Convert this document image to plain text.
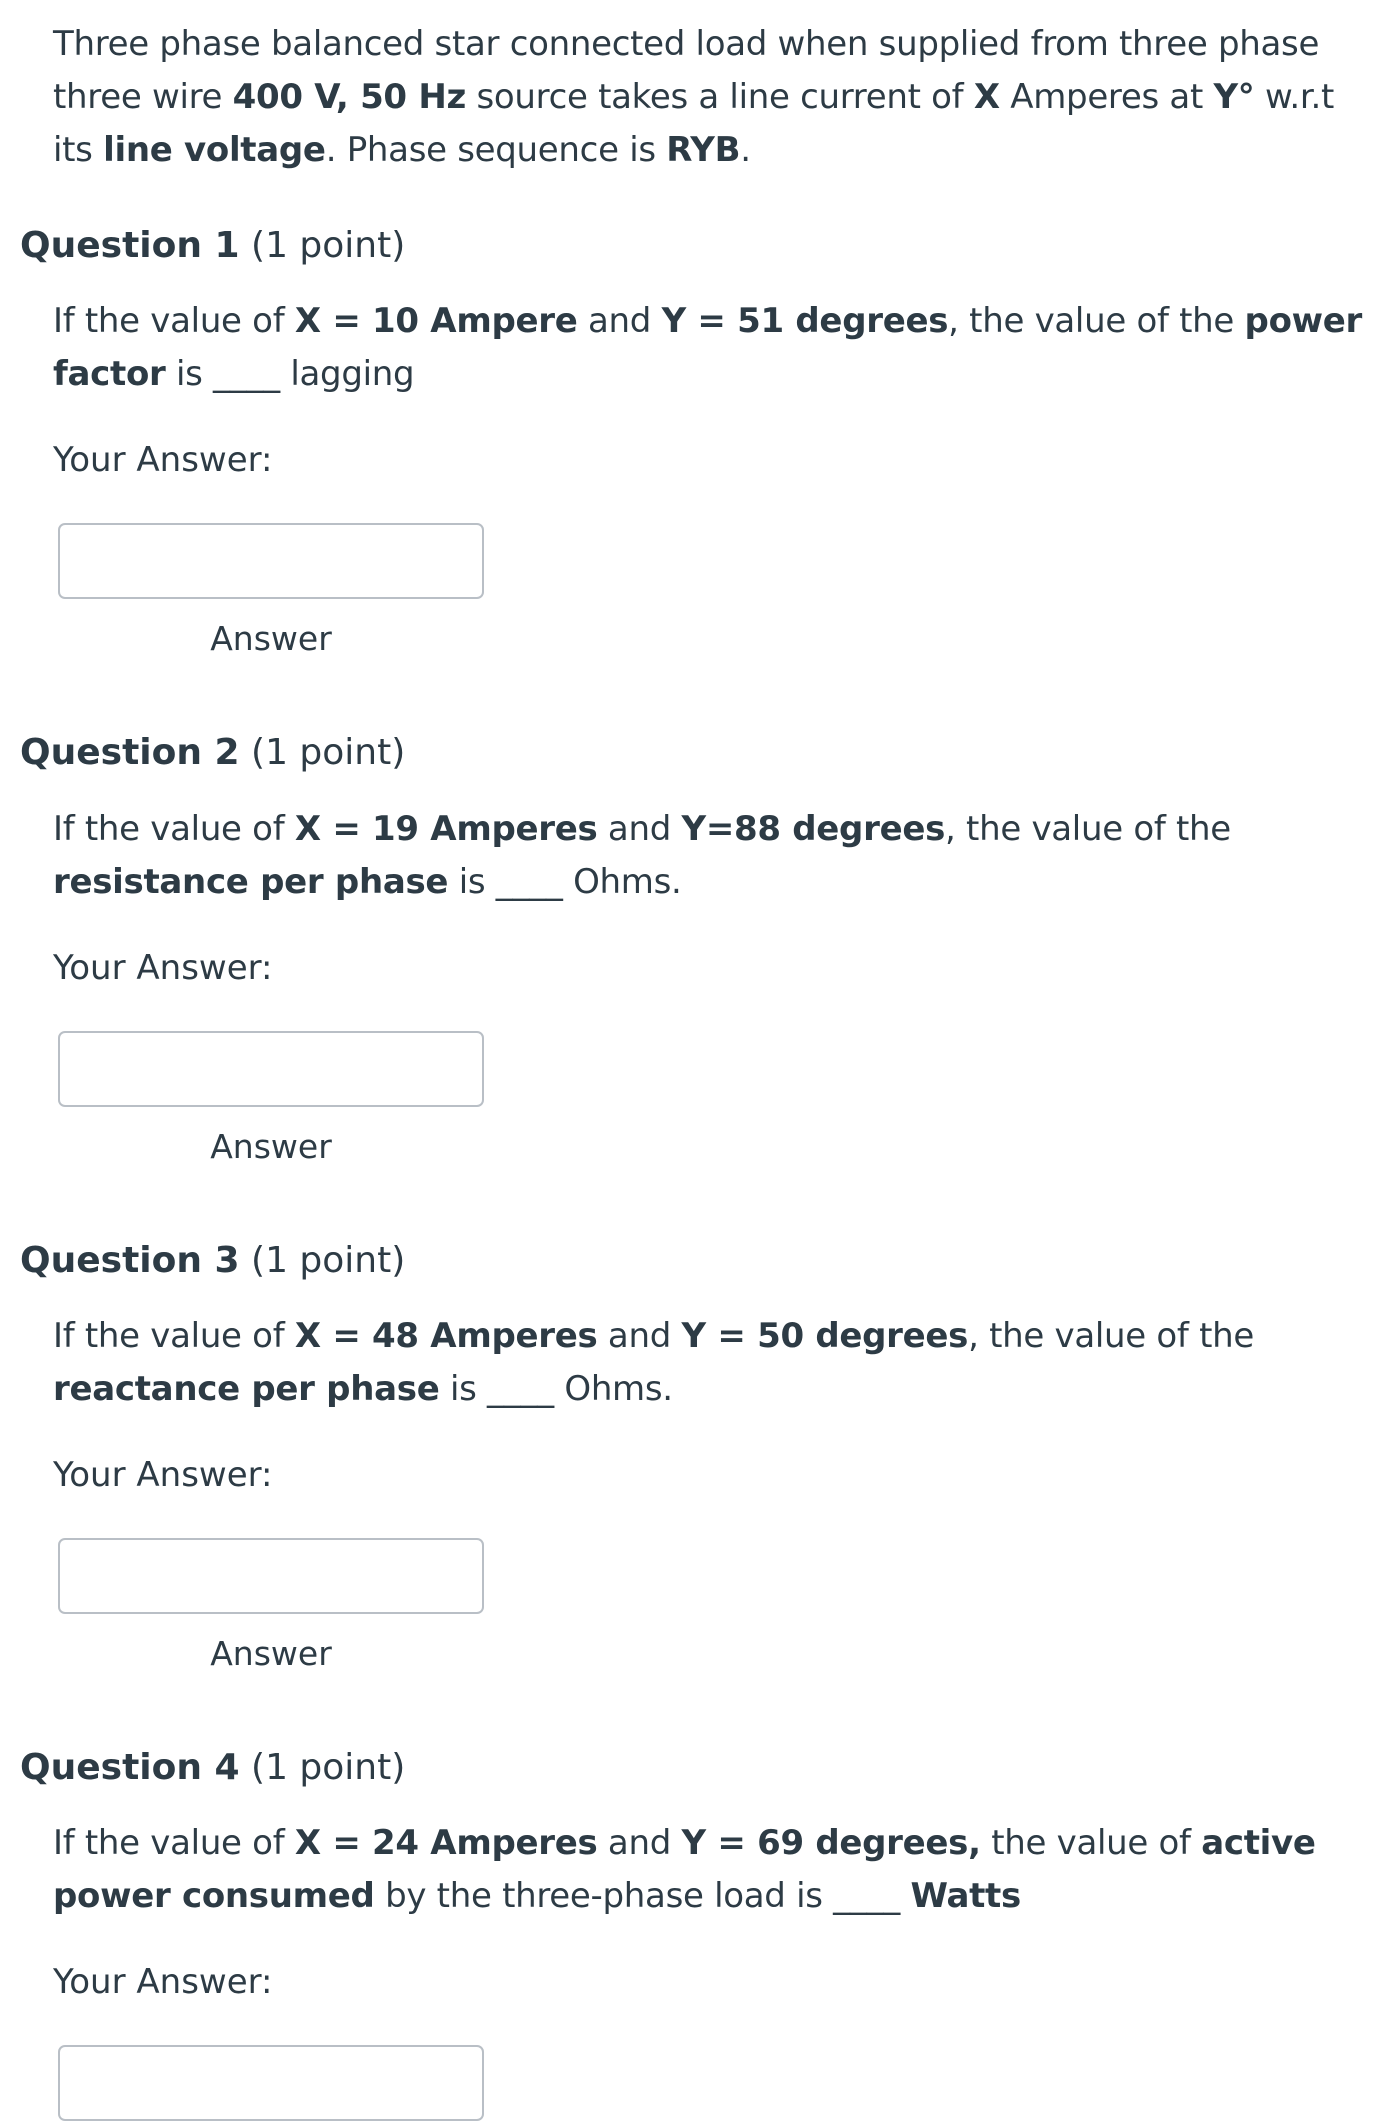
Three phase balanced star connected load when supplied from three phase three wire 400 V, 50 Hz source takes a line current of X Amperes at Y° w.r.t its line voltage. Phase sequence is RYB.
Question 1 (1 point)
If the value of X = 10 Ampere and Y = 51 degrees, the value of the power factor is ____ lagging
Your Answer:
Answer
Question 2 (1 point)
If the value of X = 19 Amperes and Y=88 degrees, the value of the resistance per phase is ____ Ohms.
Your Answer:
Answer
Question 3 (1 point)
If the value of X = 48 Amperes and Y = 50 degrees, the value of the reactance per phase is ____ Ohms.
Your Answer:
Answer
Question 4 (1 point)
If the value of X = 24 Amperes and Y = 69 degrees, the value of active power consumed by the three-phase load is ____ Watts
Your Answer:
